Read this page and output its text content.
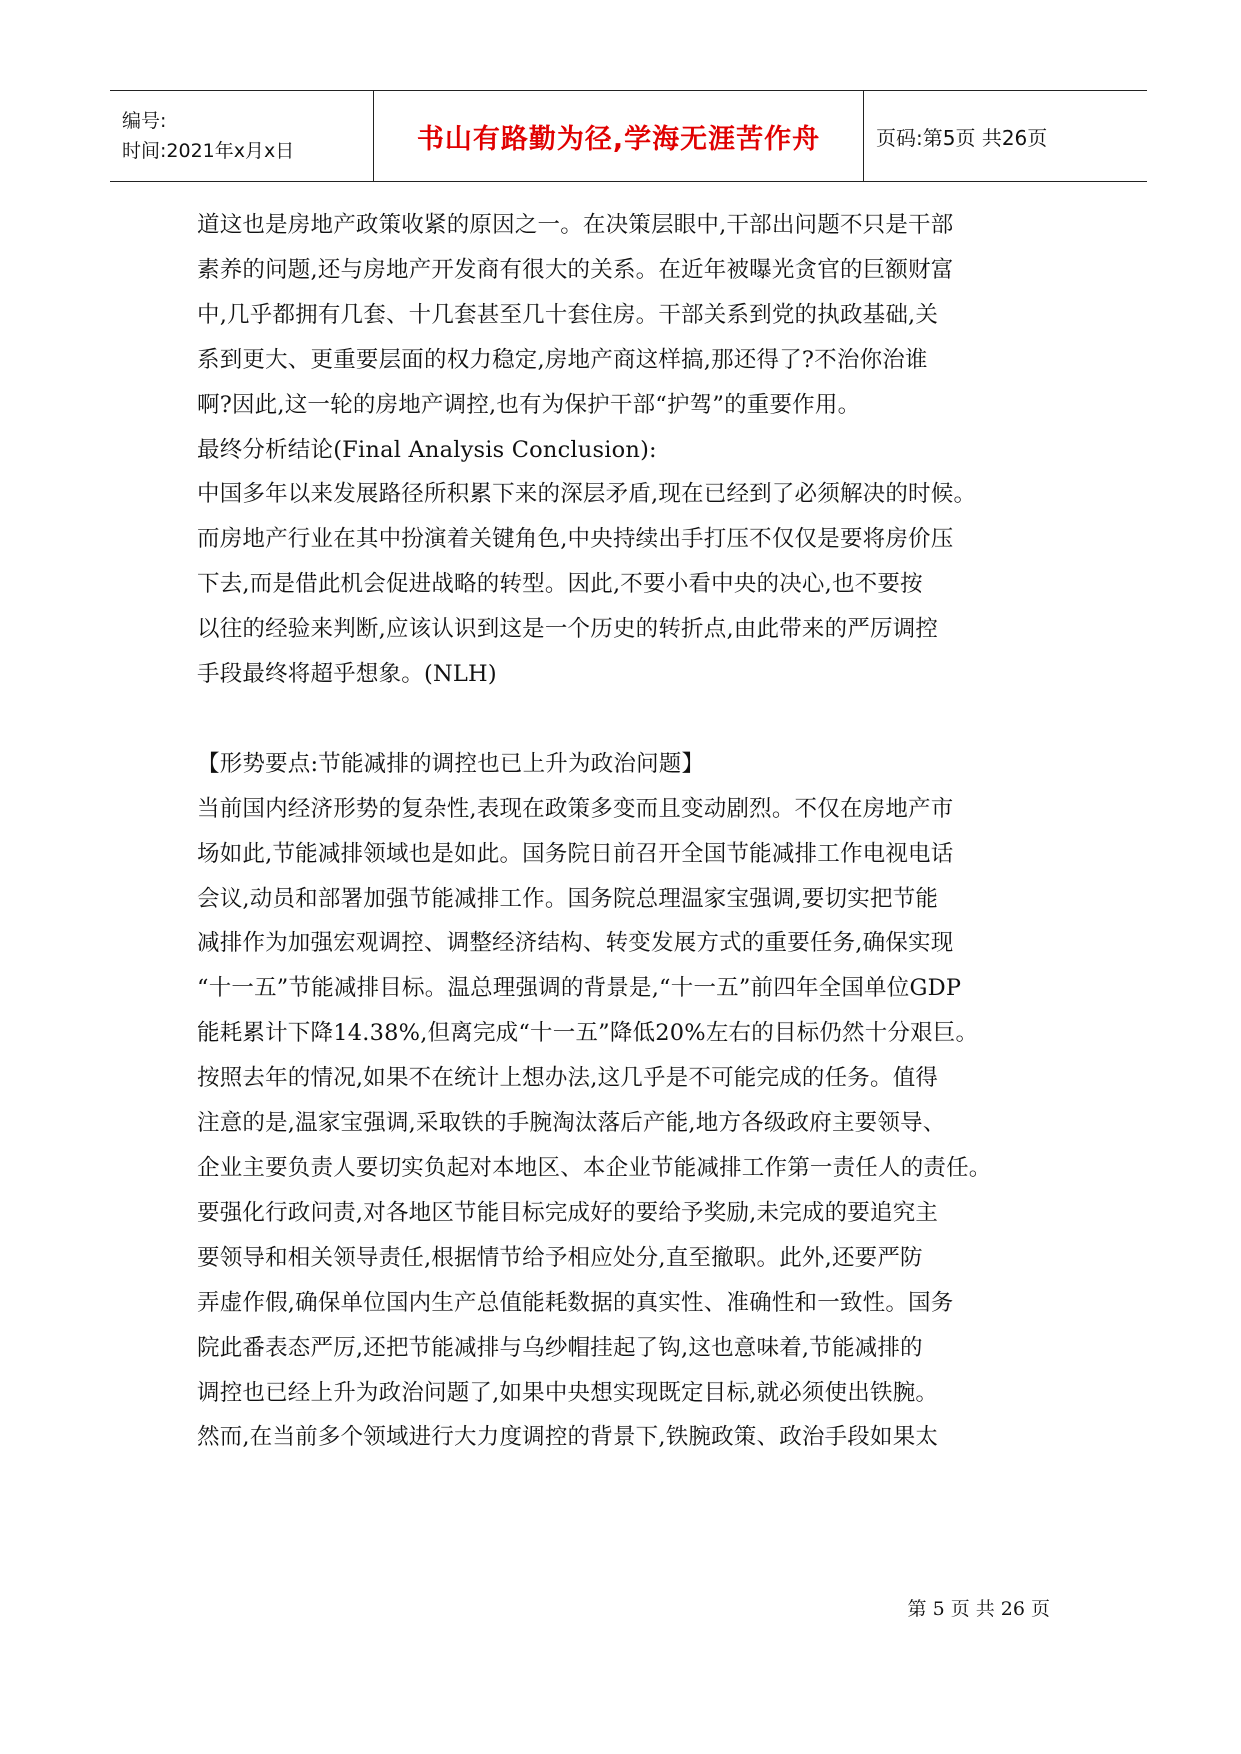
编号:
时间:2021年x月x日	书山有路勤为径,学海无涯苦作舟	页码:第5页 共26页

道这也是房地产政策收紧的原因之一。在决策层眼中,干部出问题不只是干部

素养的问题,还与房地产开发商有很大的关系。在近年被曝光贪官的巨额财富

中,几乎都拥有几套、十几套甚至几十套住房。干部关系到党的执政基础,关

系到更大、更重要层面的权力稳定,房地产商这样搞,那还得了?不治你治谁

啊?因此,这一轮的房地产调控,也有为保护干部“护驾”的重要作用。

最终分析结论(Final Analysis Conclusion):

中国多年以来发展路径所积累下来的深层矛盾,现在已经到了必须解决的时候。

而房地产行业在其中扮演着关键角色,中央持续出手打压不仅仅是要将房价压

下去,而是借此机会促进战略的转型。因此,不要小看中央的决心,也不要按

以往的经验来判断,应该认识到这是一个历史的转折点,由此带来的严厉调控

手段最终将超乎想象。(NLH)

【形势要点:节能减排的调控也已上升为政治问题】

当前国内经济形势的复杂性,表现在政策多变而且变动剧烈。不仅在房地产市

场如此,节能减排领域也是如此。国务院日前召开全国节能减排工作电视电话

会议,动员和部署加强节能减排工作。国务院总理温家宝强调,要切实把节能

减排作为加强宏观调控、调整经济结构、转变发展方式的重要任务,确保实现

“十一五”节能减排目标。温总理强调的背景是,“十一五”前四年全国单位GDP

能耗累计下降14.38%,但离完成“十一五”降低20%左右的目标仍然十分艰巨。

按照去年的情况,如果不在统计上想办法,这几乎是不可能完成的任务。值得

注意的是,温家宝强调,采取铁的手腕淘汰落后产能,地方各级政府主要领导、

企业主要负责人要切实负起对本地区、本企业节能减排工作第一责任人的责任。

要强化行政问责,对各地区节能目标完成好的要给予奖励,未完成的要追究主

要领导和相关领导责任,根据情节给予相应处分,直至撤职。此外,还要严防

弄虚作假,确保单位国内生产总值能耗数据的真实性、准确性和一致性。国务

院此番表态严厉,还把节能减排与乌纱帽挂起了钩,这也意味着,节能减排的

调控也已经上升为政治问题了,如果中央想实现既定目标,就必须使出铁腕。

然而,在当前多个领域进行大力度调控的背景下,铁腕政策、政治手段如果太

第 5 页 共 26 页
